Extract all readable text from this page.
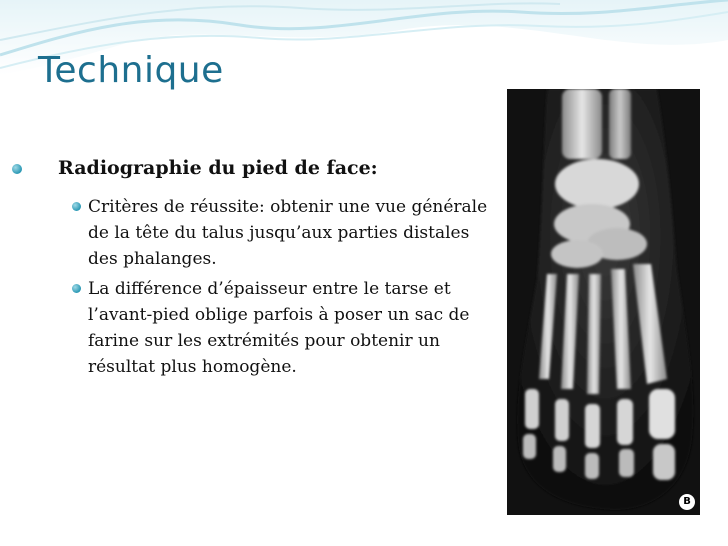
Technique
Radiographie du pied de face:
Critères de réussite: obtenir une vue générale de la tête du talus jusqu’aux parties distales des phalanges.
La différence d’épaisseur entre le tarse et l’avant-pied oblige parfois à poser un sac de farine sur les extrémités pour obtenir un résultat plus homogène.
B
